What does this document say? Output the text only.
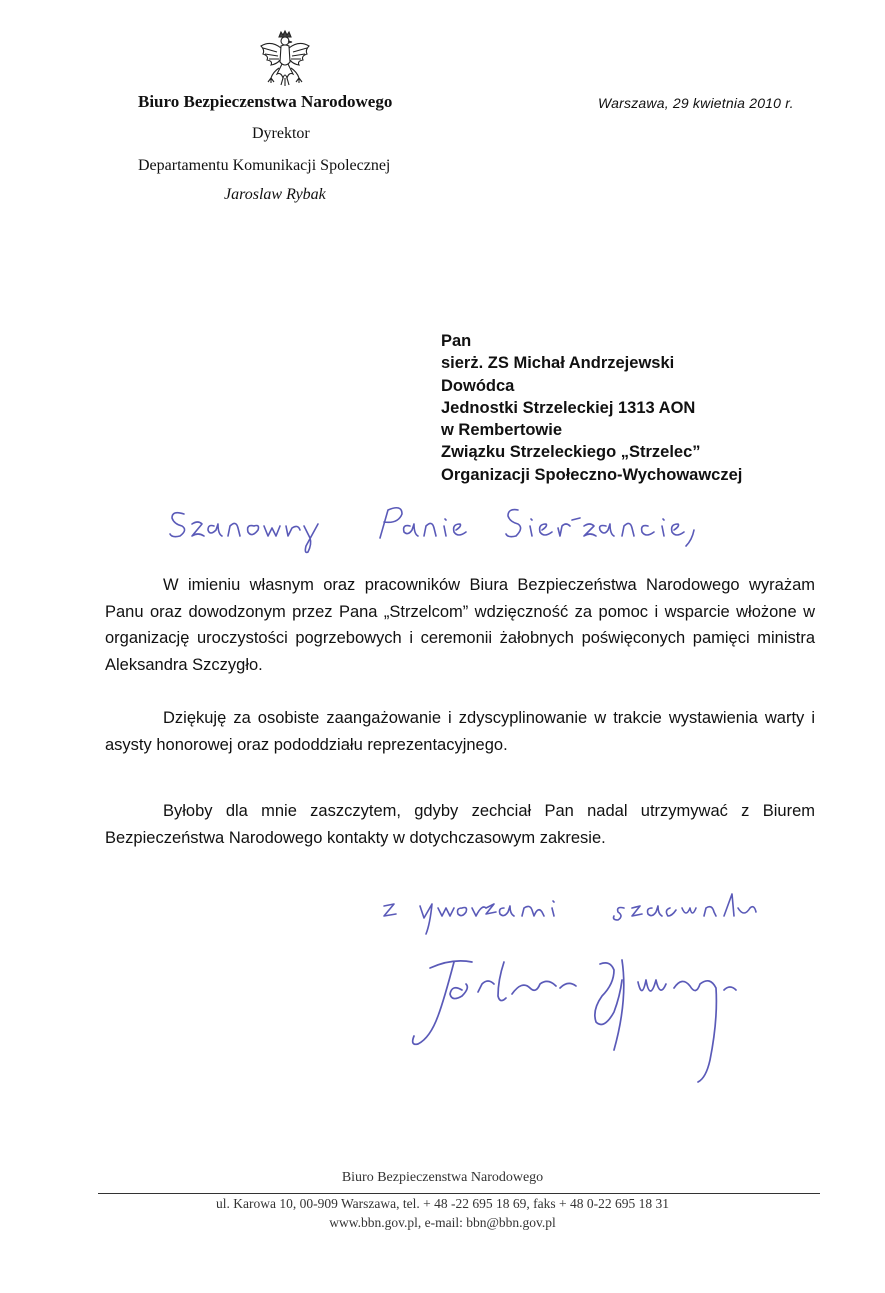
Biuro Bezpieczenstwa Narodowego
Dyrektor
Departamentu Komunikacji Spolecznej
Jaroslaw Rybak
Warszawa, 29 kwietnia 2010 r.
Pan
sierż. ZS Michał Andrzejewski
Dowódca
Jednostki Strzeleckiej 1313 AON
w Rembertowie
Związku Strzeleckiego „Strzelec”
Organizacji Społeczno-Wychowawczej

W imieniu własnym oraz pracowników Biura Bezpieczeństwa Narodowego wyrażam Panu oraz dowodzonym przez Pana „Strzelcom” wdzięczność za pomoc i wsparcie włożone w organizację uroczystości pogrzebowych i ceremonii żałobnych poświęconych pamięci ministra Aleksandra Szczygło.

Dziękuję za osobiste zaangażowanie i zdyscyplinowanie w trakcie wystawienia warty i asysty honorowej oraz pododdziału reprezentacyjnego.

Byłoby dla mnie zaszczytem, gdyby zechciał Pan nadal utrzymywać z Biurem Bezpieczeństwa Narodowego kontakty w dotychczasowym zakresie.

Biuro Bezpieczenstwa Narodowego
ul. Karowa 10, 00-909 Warszawa, tel. + 48 -22 695 18 69, faks + 48 0-22 695 18 31
www.bbn.gov.pl, e-mail: bbn@bbn.gov.pl
